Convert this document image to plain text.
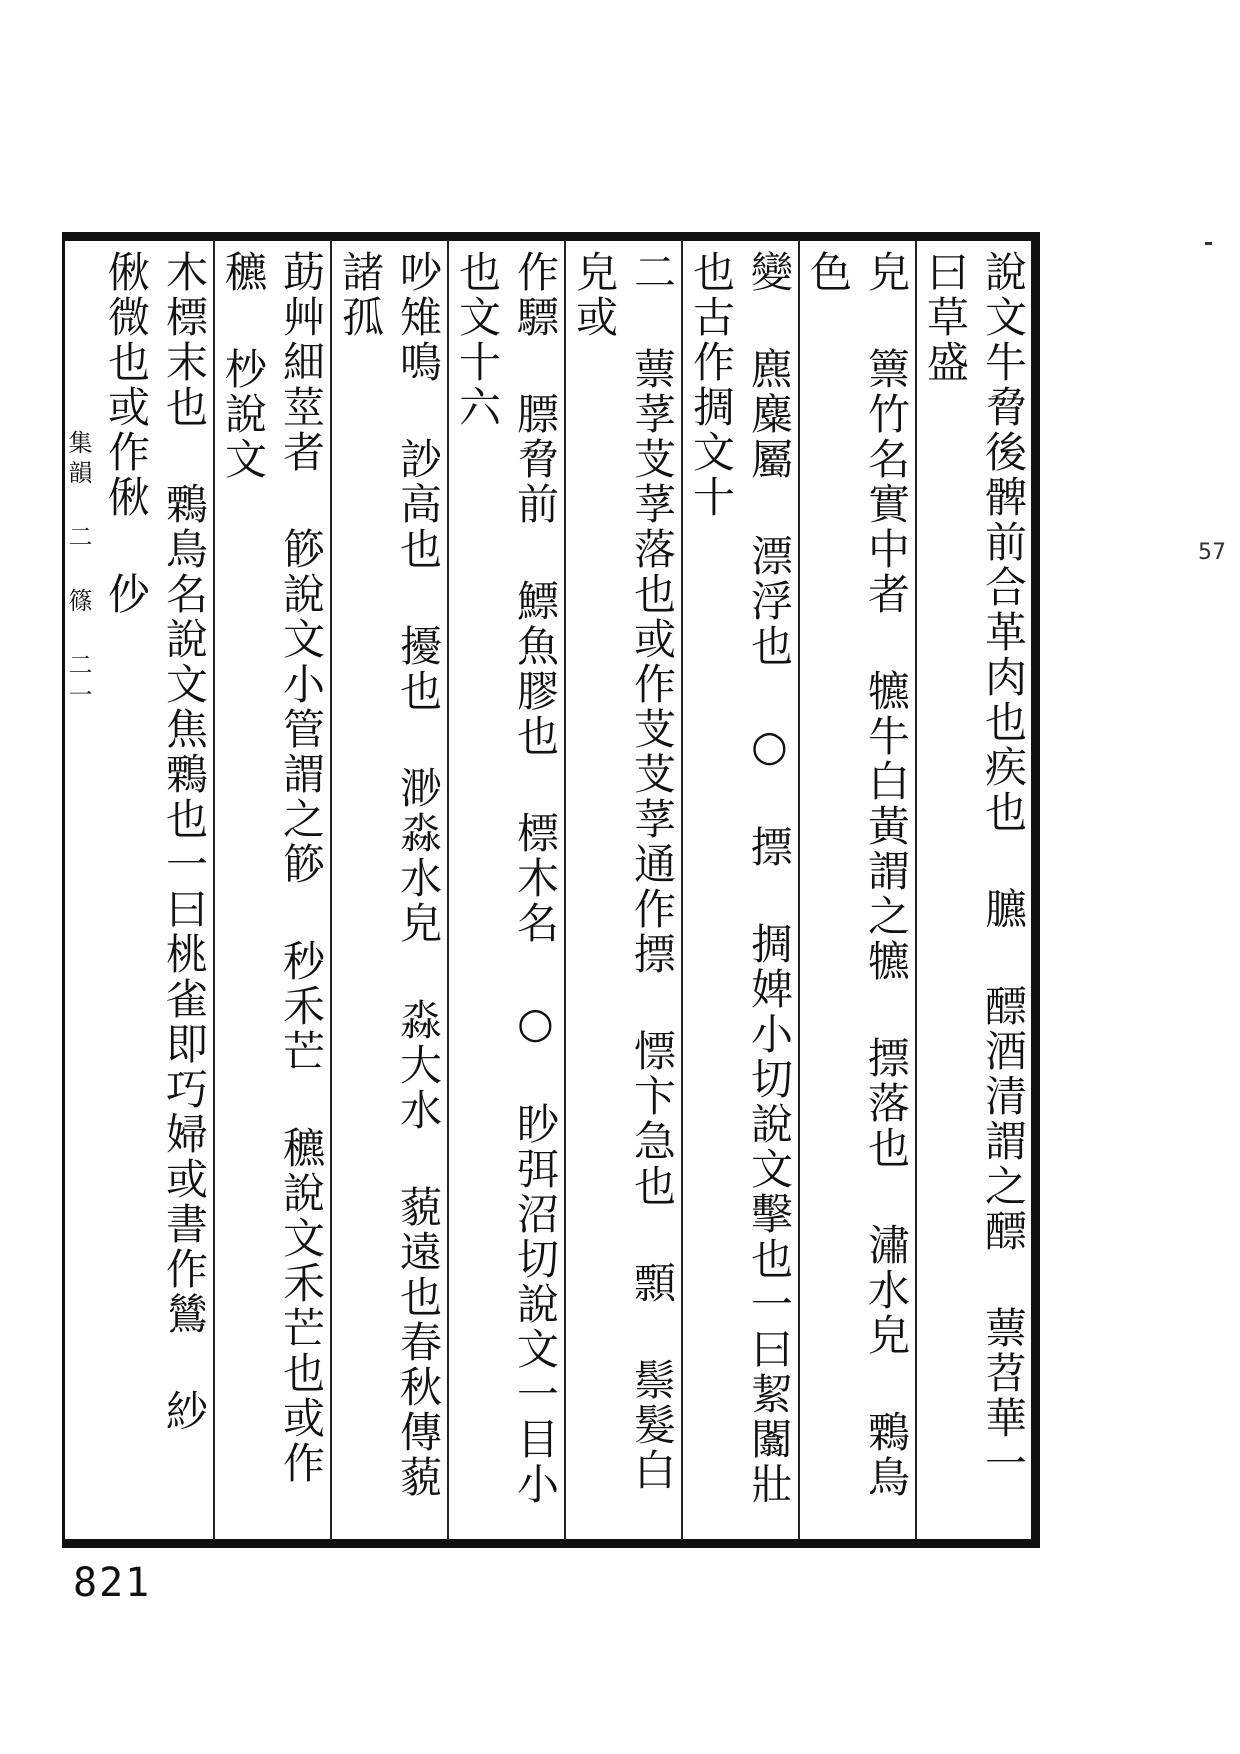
說文牛脅後髀前合革肉也疾也 臕 醥酒清謂之醥 蔈苕華一曰草盛
皃 篻竹名實中者 犥牛白黃謂之犥 摽落也 潚水皃 鷅鳥色
變 麃麋屬 漂浮也 ○ 摽 㨄婢小切說文擊也一曰絜闟壯也古作㨄文十
二 蔈莩芆莩落也或作芆芆莩通作摽 慓卞急也 顠 鬃髮白皃或
作驃 膘脅前 鰾魚膠也 標木名 ○ 眇弭沼切說文一目小也文十六
吵雉鳴 訬高也 擾也 渺淼水皃 淼大水 藐遠也春秋傳藐諸孤
莇艸細莖者 篎說文小管謂之篎 秒禾芒 穮說文禾芒也或作穮 杪說文
木標末也 鷅鳥名說文焦鷅也一曰桃雀即巧婦或書作鷥 紗 偢微也或作偢 仯
集韻 二 篠 二一
821
57
